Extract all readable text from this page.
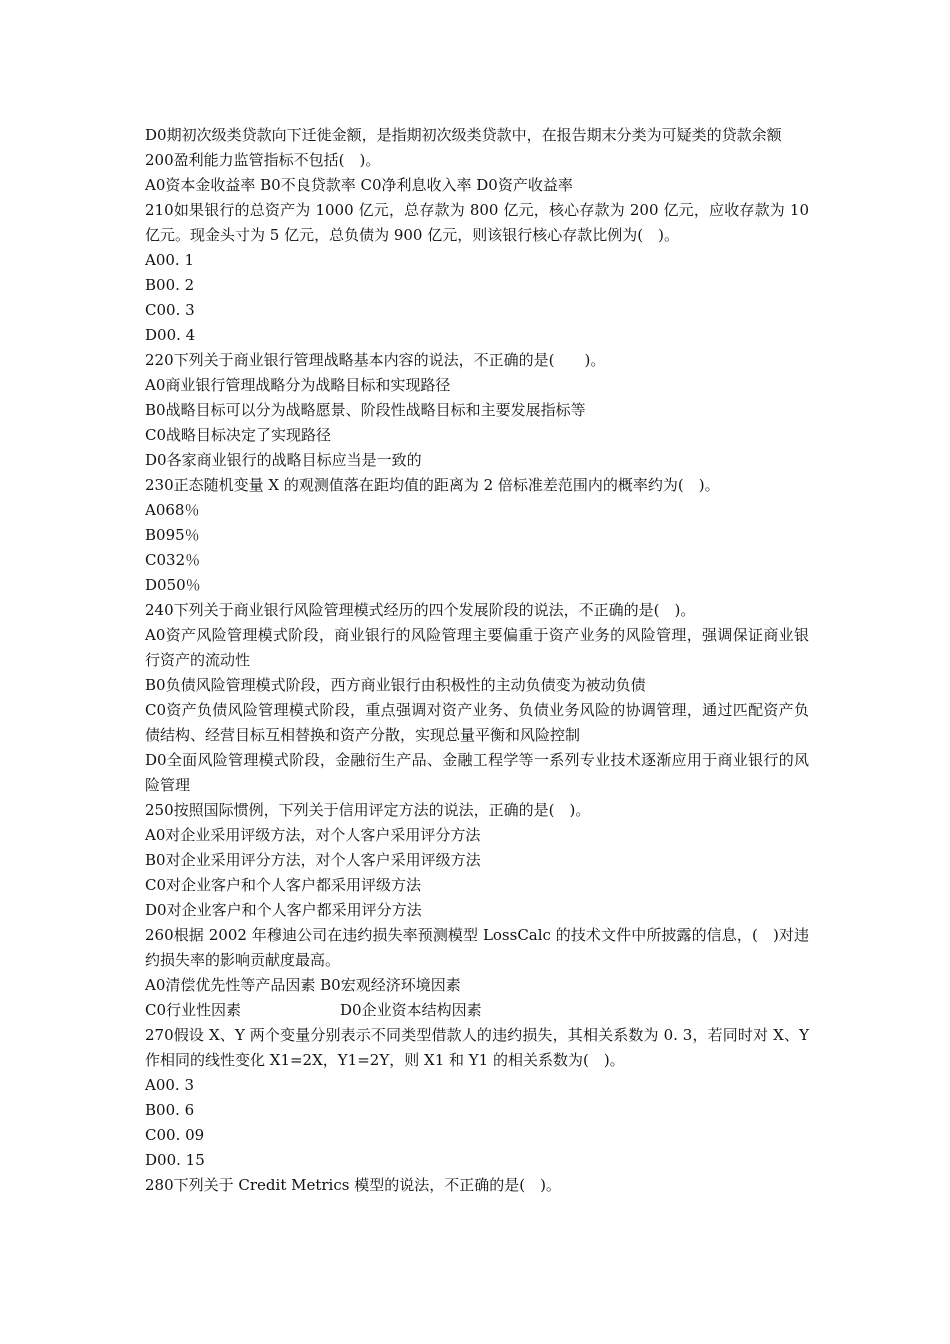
D0期初次级类贷款向下迁徙金额，是指期初次级类贷款中，在报告期末分类为可疑类的贷款余额

200盈利能力监管指标不包括(　)。

A0资本金收益率 B0不良贷款率 C0净利息收入率 D0资产收益率

210如果银行的总资产为 1000 亿元，总存款为 800 亿元，核心存款为 200 亿元，应收存款为 10 亿元。现金头寸为 5 亿元，总负债为 900 亿元，则该银行核心存款比例为(　)。

A00. 1

B00. 2

C00. 3

D00. 4

220下列关于商业银行管理战略基本内容的说法，不正确的是(　　)。

A0商业银行管理战略分为战略目标和实现路径

B0战略目标可以分为战略愿景、阶段性战略目标和主要发展指标等

C0战略目标决定了实现路径

D0各家商业银行的战略目标应当是一致的

230正态随机变量 X 的观测值落在距均值的距离为 2 倍标准差范围内的概率约为(　)。

A068％

B095％

C032％

D050％

240下列关于商业银行风险管理模式经历的四个发展阶段的说法，不正确的是(　)。

A0资产风险管理模式阶段，商业银行的风险管理主要偏重于资产业务的风险管理，强调保证商业银行资产的流动性

B0负债风险管理模式阶段，西方商业银行由积极性的主动负债变为被动负债

C0资产负债风险管理模式阶段，重点强调对资产业务、负债业务风险的协调管理，通过匹配资产负债结构、经营目标互相替换和资产分散，实现总量平衡和风险控制

D0全面风险管理模式阶段，金融衍生产品、金融工程学等一系列专业技术逐渐应用于商业银行的风险管理

250按照国际惯例，下列关于信用评定方法的说法，正确的是(　)。

A0对企业采用评级方法，对个人客户采用评分方法

B0对企业采用评分方法，对个人客户采用评级方法

C0对企业客户和个人客户都采用评级方法

D0对企业客户和个人客户都采用评分方法

260根据 2002 年穆迪公司在违约损失率预测模型 LossCalc 的技术文件中所披露的信息，(　)对违约损失率的影响贡献度最高。

A0清偿优先性等产品因素 B0宏观经济环境因素

C0行业性因素	D0企业资本结构因素

270假设 X、Y 两个变量分别表示不同类型借款人的违约损失，其相关系数为 0. 3，若同时对 X、Y 作相同的线性变化 X1=2X，Y1=2Y，则 X1 和 Y1 的相关系数为(　)。

A00. 3

B00. 6

C00. 09

D00. 15

280下列关于 Credit Metrics 模型的说法，不正确的是(　)。
